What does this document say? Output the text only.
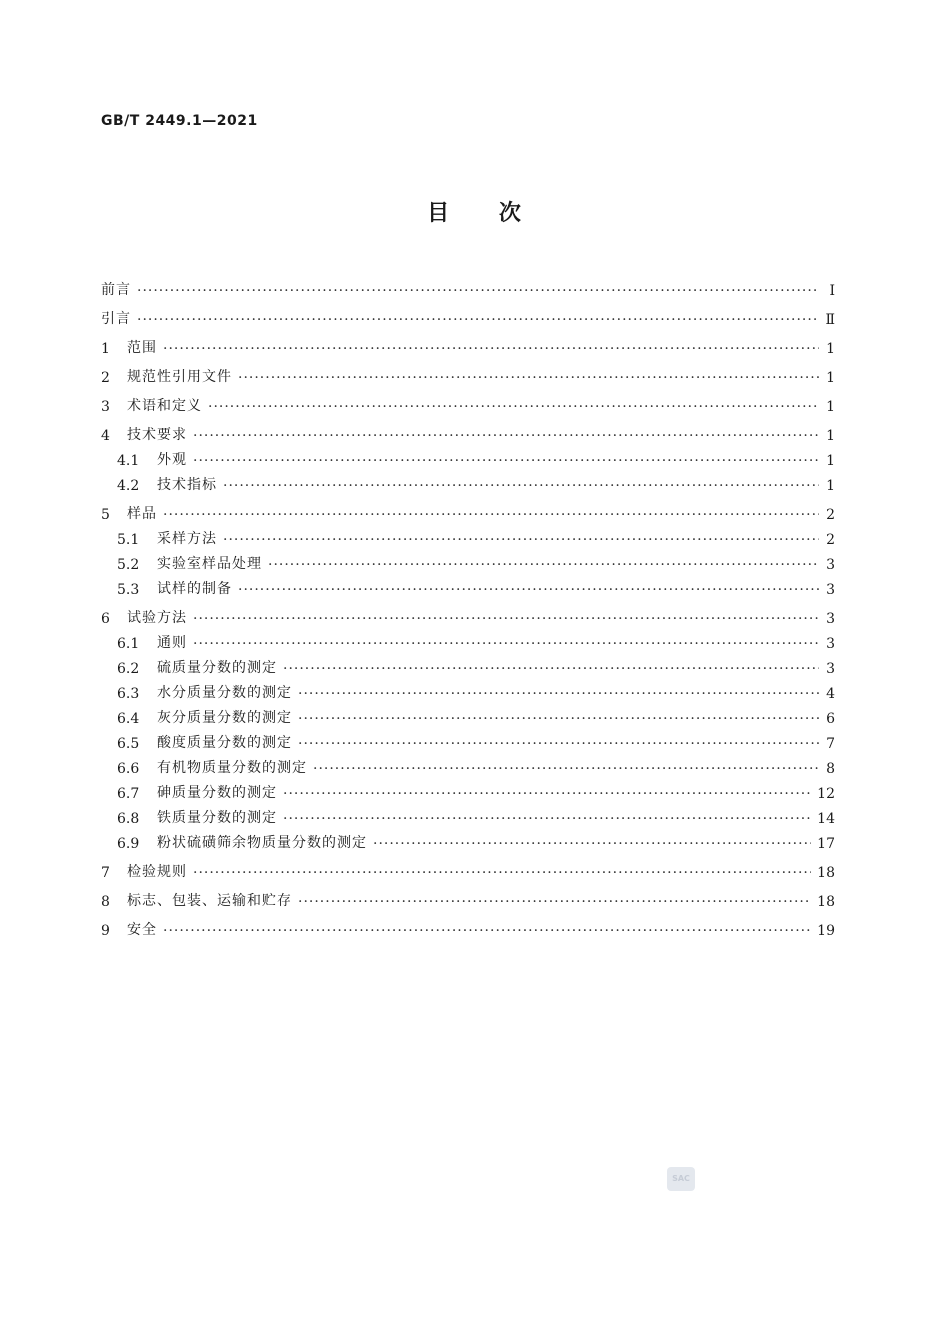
GB/T 2449.1—2021
目 次
前言 ·····	Ⅰ
引言 ·····	Ⅱ
1	范围 ·····	1
2	规范性引用文件 ·····	1
3	术语和定义 ·····	1
4	技术要求 ·····	1
4.1	外观 ·····	1
4.2	技术指标 ·····	1
5	样品 ·····	2
5.1	采样方法 ·····	2
5.2	实验室样品处理 ·····	3
5.3	试样的制备 ·····	3
6	试验方法 ·····	3
6.1	通则 ·····	3
6.2	硫质量分数的测定 ·····	3
6.3	水分质量分数的测定 ·····	4
6.4	灰分质量分数的测定 ·····	6
6.5	酸度质量分数的测定 ·····	7
6.6	有机物质量分数的测定 ·····	8
6.7	砷质量分数的测定 ·····	12
6.8	铁质量分数的测定 ·····	14
6.9	粉状硫磺筛余物质量分数的测定 ·····	17
7	检验规则 ·····	18
8	标志、包装、运输和贮存 ·····	18
9	安全 ·····	19
SAC
